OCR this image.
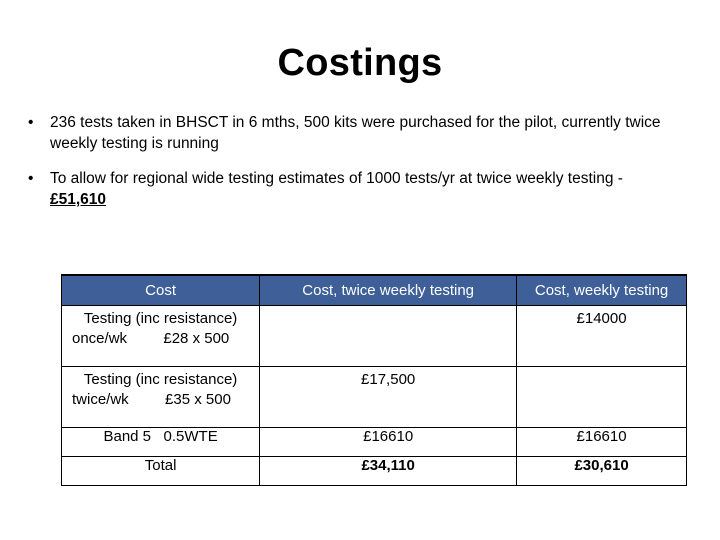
Costings
• 236 tests taken in BHSCT in 6 mths, 500 kits were purchased for the pilot, currently twice weekly testing is running
• To allow for regional wide testing estimates of 1000 tests/yr at twice weekly testing -
£51,610
Cost	Cost, twice weekly testing	Cost, weekly testing

Testing (inc resistance)
once/wk £28 x 500		£14000

Testing (inc resistance)
twice/wk £35 x 500	£17,500	
Band 5   0.5WTE	£16610	£16610
Total	£34,110	£30,610
